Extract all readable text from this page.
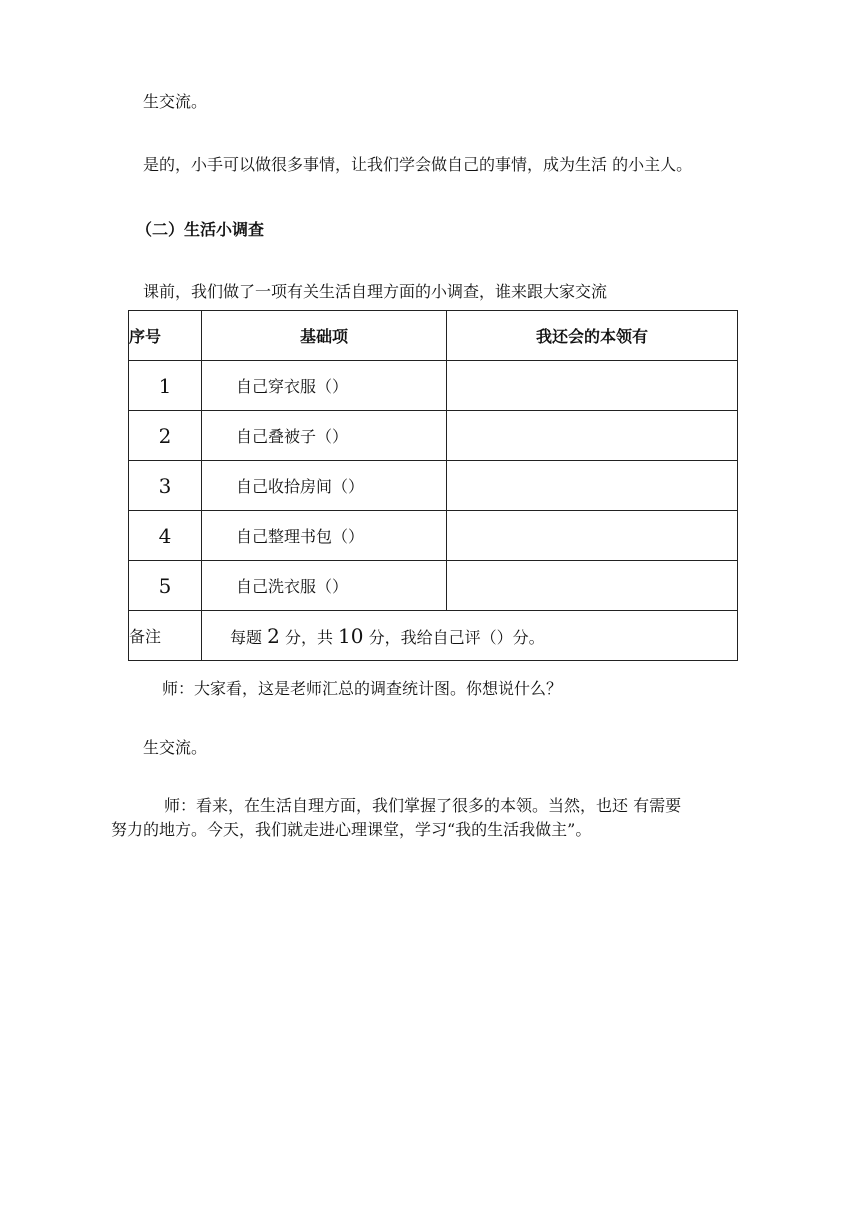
生交流。
是的，小手可以做很多事情，让我们学会做自己的事情，成为生活 的小主人。
（二）生活小调查
课前，我们做了一项有关生活自理方面的小调查，谁来跟大家交流
序号	基础项	我还会的本领有
1	自己穿衣服（）	
2	自己叠被子（）	
3	自己收拾房间（）	
4	自己整理书包（）	
5	自己洗衣服（）	
备注	每题 2 分，共 10 分，我给自己评（）分。	
师：大家看，这是老师汇总的调查统计图。你想说什么？
生交流。
师：看来，在生活自理方面，我们掌握了很多的本领。当然，也还 有需要
努力的地方。今天，我们就走进心理课堂，学习“我的生活我做主”。
